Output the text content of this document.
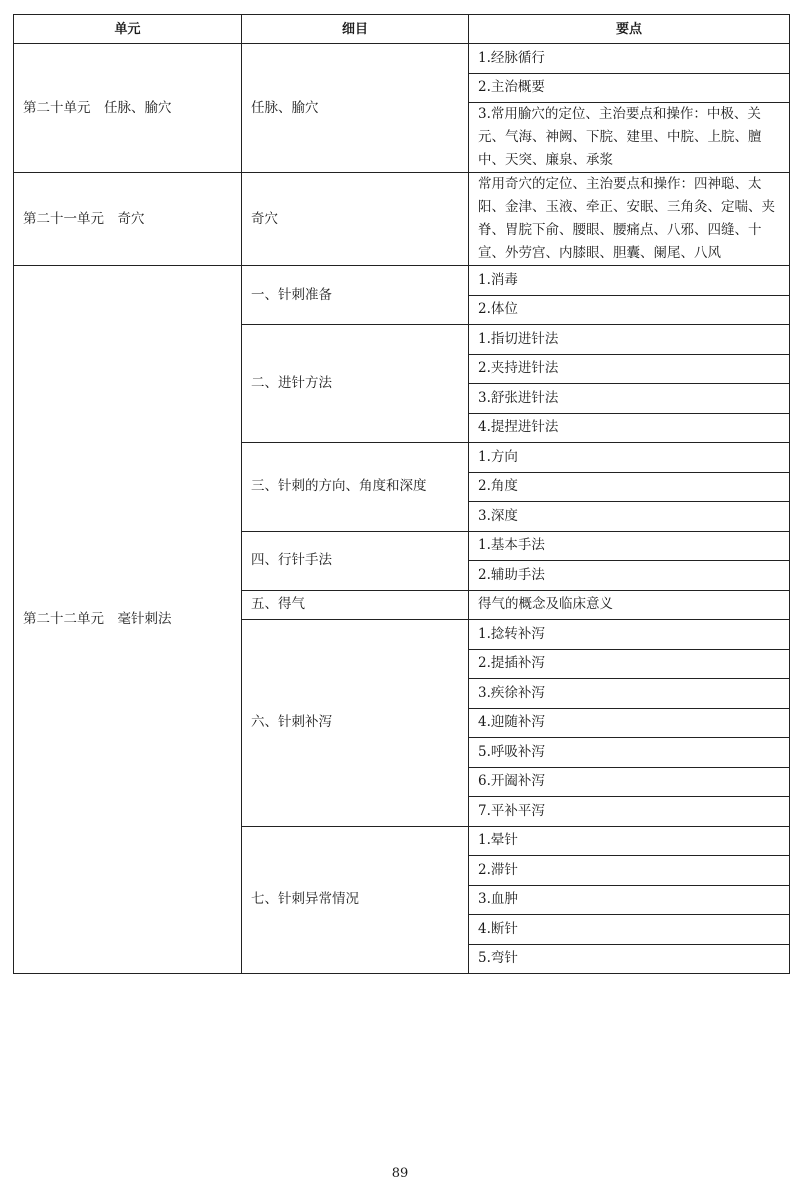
单元	细目	要点
第二十单元　任脉、腧穴	任脉、腧穴	1.经脉循行
		2.主治概要
		3.常用腧穴的定位、主治要点和操作：中极、关元、气海、神阙、下脘、建里、中脘、上脘、膻中、天突、廉泉、承浆
第二十一单元　奇穴	奇穴	常用奇穴的定位、主治要点和操作：四神聪、太阳、金津、玉液、牵正、安眠、三角灸、定喘、夹脊、胃脘下俞、腰眼、腰痛点、八邪、四缝、十宣、外劳宫、内膝眼、胆囊、阑尾、八风
第二十二单元　毫针刺法	一、针刺准备	1.消毒
		2.体位
	二、进针方法	1.指切进针法
		2.夹持进针法
		3.舒张进针法
		4.提捏进针法
	三、针刺的方向、角度和深度	1.方向
		2.角度
		3.深度
	四、行针手法	1.基本手法
		2.辅助手法
	五、得气	得气的概念及临床意义
	六、针刺补泻	1.捻转补泻
		2.提插补泻
		3.疾徐补泻
		4.迎随补泻
		5.呼吸补泻
		6.开阖补泻
		7.平补平泻
	七、针刺异常情况	1.晕针
		2.滞针
		3.血肿
		4.断针
		5.弯针
89
